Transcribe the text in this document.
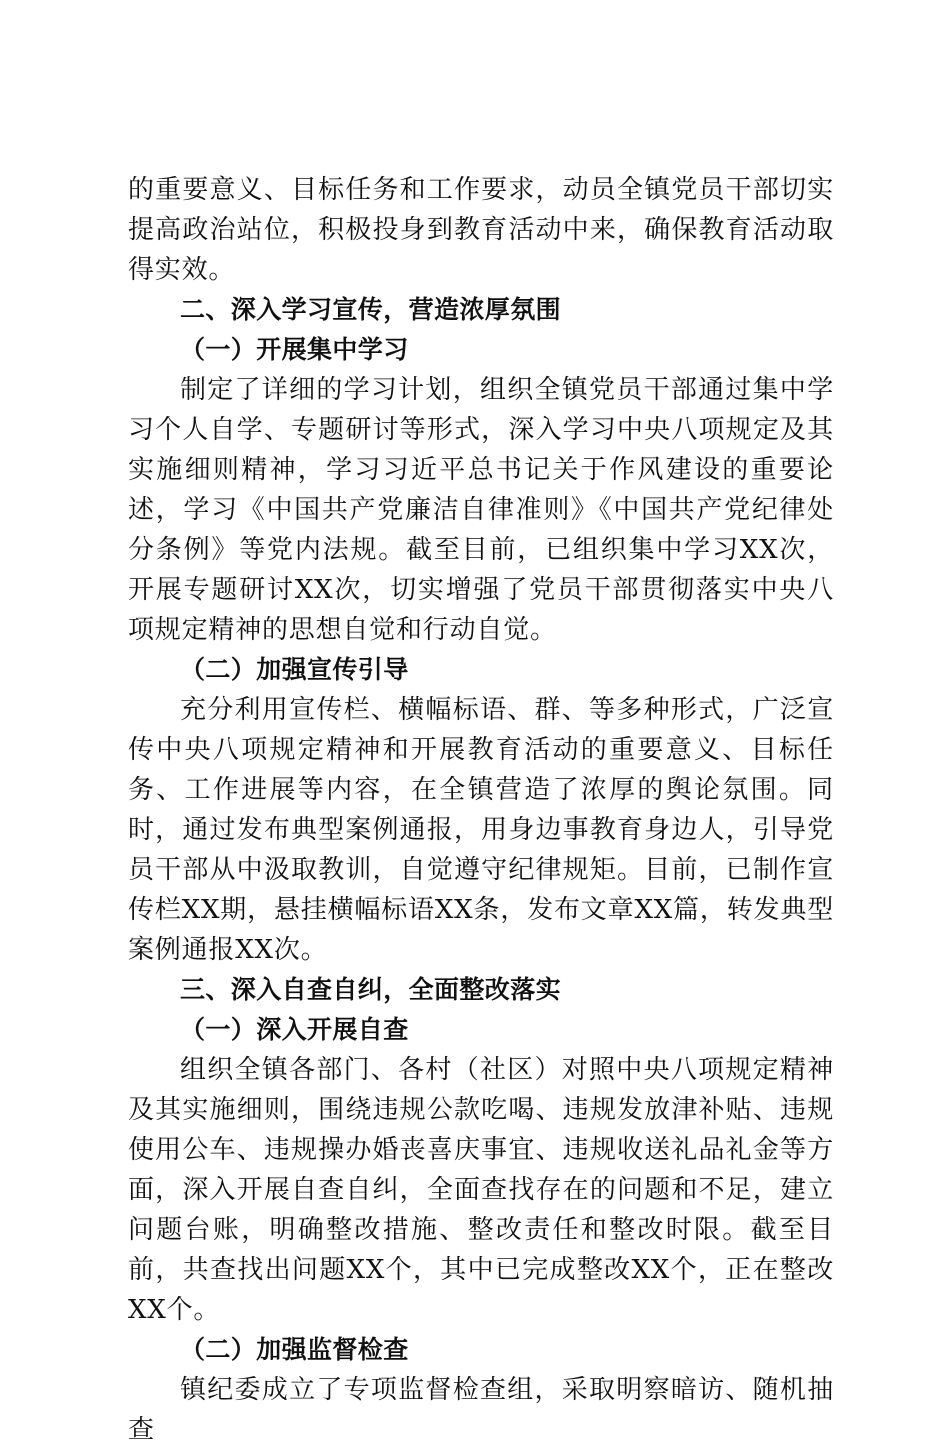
的重要意义、目标任务和工作要求，动员全镇党员干部切实提高政治站位，积极投身到教育活动中来，确保教育活动取得实效。

二、深入学习宣传，营造浓厚氛围

（一）开展集中学习

制定了详细的学习计划，组织全镇党员干部通过集中学习个人自学、专题研讨等形式，深入学习中央八项规定及其实施细则精神，学习习近平总书记关于作风建设的重要论述，学习《中国共产党廉洁自律准则》《中国共产党纪律处分条例》等党内法规。截至目前，已组织集中学习XX次，开展专题研讨XX次，切实增强了党员干部贯彻落实中央八项规定精神的思想自觉和行动自觉。

（二）加强宣传引导

充分利用宣传栏、横幅标语、群、等多种形式，广泛宣传中央八项规定精神和开展教育活动的重要意义、目标任务、工作进展等内容，在全镇营造了浓厚的舆论氛围。同时，通过发布典型案例通报，用身边事教育身边人，引导党员干部从中汲取教训，自觉遵守纪律规矩。目前，已制作宣传栏XX期，悬挂横幅标语XX条，发布文章XX篇，转发典型案例通报XX次。

三、深入自查自纠，全面整改落实

（一）深入开展自查

组织全镇各部门、各村（社区）对照中央八项规定精神及其实施细则，围绕违规公款吃喝、违规发放津补贴、违规使用公车、违规操办婚丧喜庆事宜、违规收送礼品礼金等方面，深入开展自查自纠，全面查找存在的问题和不足，建立问题台账，明确整改措施、整改责任和整改时限。截至目前，共查找出问题XX个，其中已完成整改XX个，正在整改XX个。

（二）加强监督检查

镇纪委成立了专项监督检查组，采取明察暗访、随机抽查
